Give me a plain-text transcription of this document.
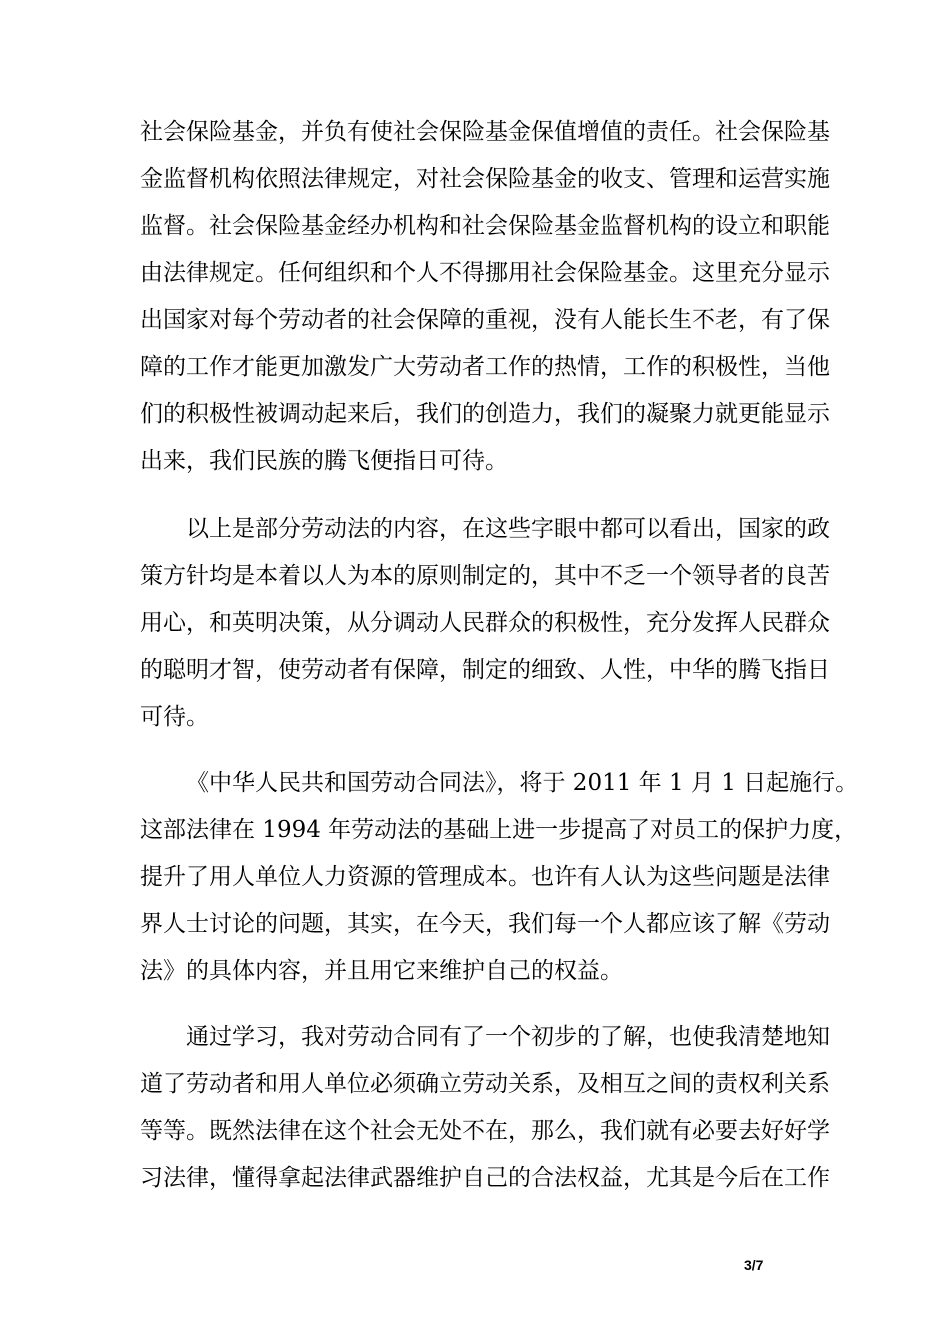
社会保险基金，并负有使社会保险基金保值增值的责任。社会保险基
金监督机构依照法律规定，对社会保险基金的收支、管理和运营实施
监督。社会保险基金经办机构和社会保险基金监督机构的设立和职能
由法律规定。任何组织和个人不得挪用社会保险基金。这里充分显示
出国家对每个劳动者的社会保障的重视，没有人能长生不老，有了保
障的工作才能更加激发广大劳动者工作的热情，工作的积极性，当他
们的积极性被调动起来后，我们的创造力，我们的凝聚力就更能显示
出来，我们民族的腾飞便指日可待。
以上是部分劳动法的内容，在这些字眼中都可以看出，国家的政
策方针均是本着以人为本的原则制定的，其中不乏一个领导者的良苦
用心，和英明决策，从分调动人民群众的积极性，充分发挥人民群众
的聪明才智，使劳动者有保障，制定的细致、人性，中华的腾飞指日
可待。
《中华人民共和国劳动合同法》，将于 2011 年 1 月 1 日起施行。
这部法律在 1994 年劳动法的基础上进一步提高了对员工的保护力度，
提升了用人单位人力资源的管理成本。也许有人认为这些问题是法律
界人士讨论的问题，其实，在今天，我们每一个人都应该了解《劳动
法》的具体内容，并且用它来维护自己的权益。
通过学习，我对劳动合同有了一个初步的了解，也使我清楚地知
道了劳动者和用人单位必须确立劳动关系，及相互之间的责权利关系
等等。既然法律在这个社会无处不在，那么，我们就有必要去好好学
习法律，懂得拿起法律武器维护自己的合法权益，尤其是今后在工作
3/7
